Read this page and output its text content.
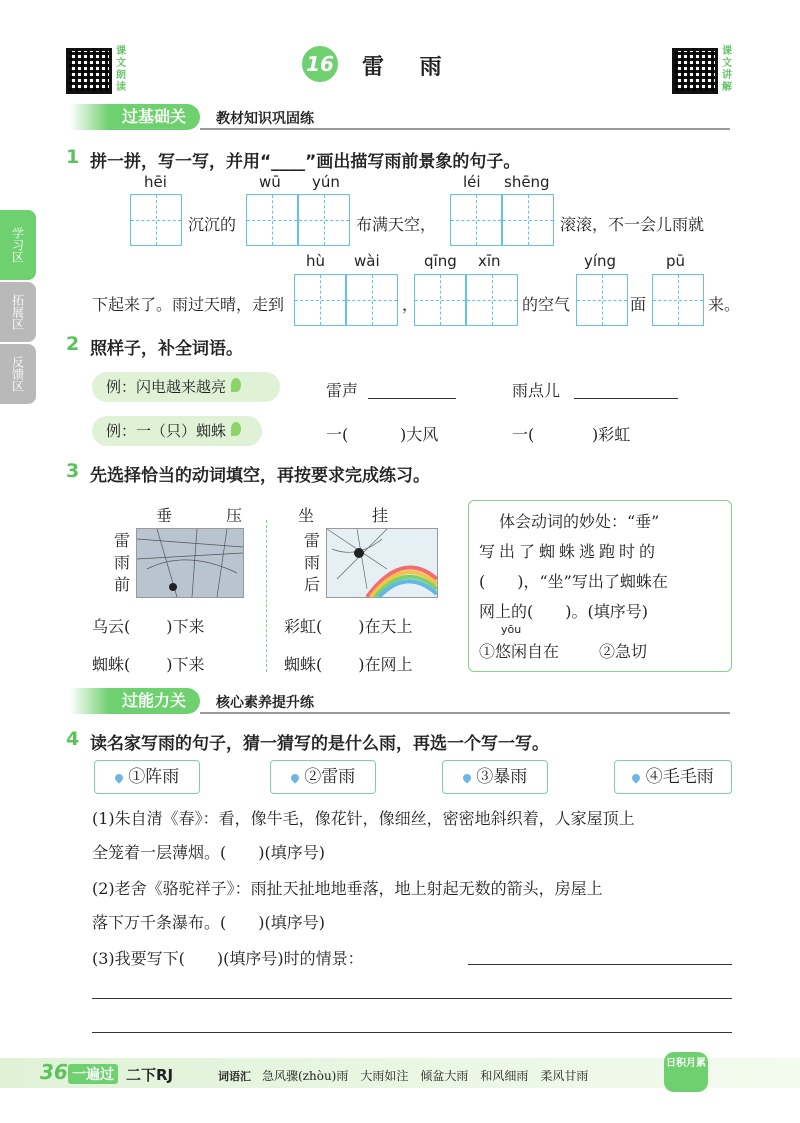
课文朗读
16 雷 雨
课文讲解
过基础关	教材知识巩固练
学习区
拓展区
反馈区
1 拼一拼，写一写，并用“____”画出描写雨前景象的句子。
hēi	wū yún	léi shēng
沉沉的	布满天空，	滚滚，不一会儿雨就
hù wài	qīng xīn	yíng	pū
下起来了。雨过天晴，走到	，	的空气	面	来。
2 照样子，补全词语。
例：闪电越来越亮	雷声	雨点儿
例：一（只）蜘蛛	一(	)大风	一(	)彩虹
3 先选择恰当的动词填空，再按要求完成练习。
垂	压	坐	挂
雷雨前
雷雨后
乌云( )下来
蜘蛛( )下来
彩虹( )在天上
蜘蛛( )在网上
体会动词的妙处：“垂”
写出了蜘蛛逃跑时的
(　　)，“坐”写出了蜘蛛在
网上的(　　)。(填序号)
yōu
①悠闲自在 ②急切
过能力关	核心素养提升练
4 读名家写雨的句子，猜一猜写的是什么雨，再选一个写一写。
①阵雨	②雷雨	③暴雨	④毛毛雨
(1)朱自清《春》：看，像牛毛，像花针，像细丝，密密地斜织着，人家屋顶上
全笼着一层薄烟。(　　)(填序号)
(2)老舍《骆驼祥子》：雨扯天扯地地垂落，地上射起无数的箭头，房屋上
落下万千条瀑布。(　　)(填序号)
(3)我要写下(　　)(填序号)时的情景：
36 一遍过 二下RJ	词语汇 急风骤(zhòu)雨　大雨如注　倾盆大雨　和风细雨　柔风甘雨
日积月累
